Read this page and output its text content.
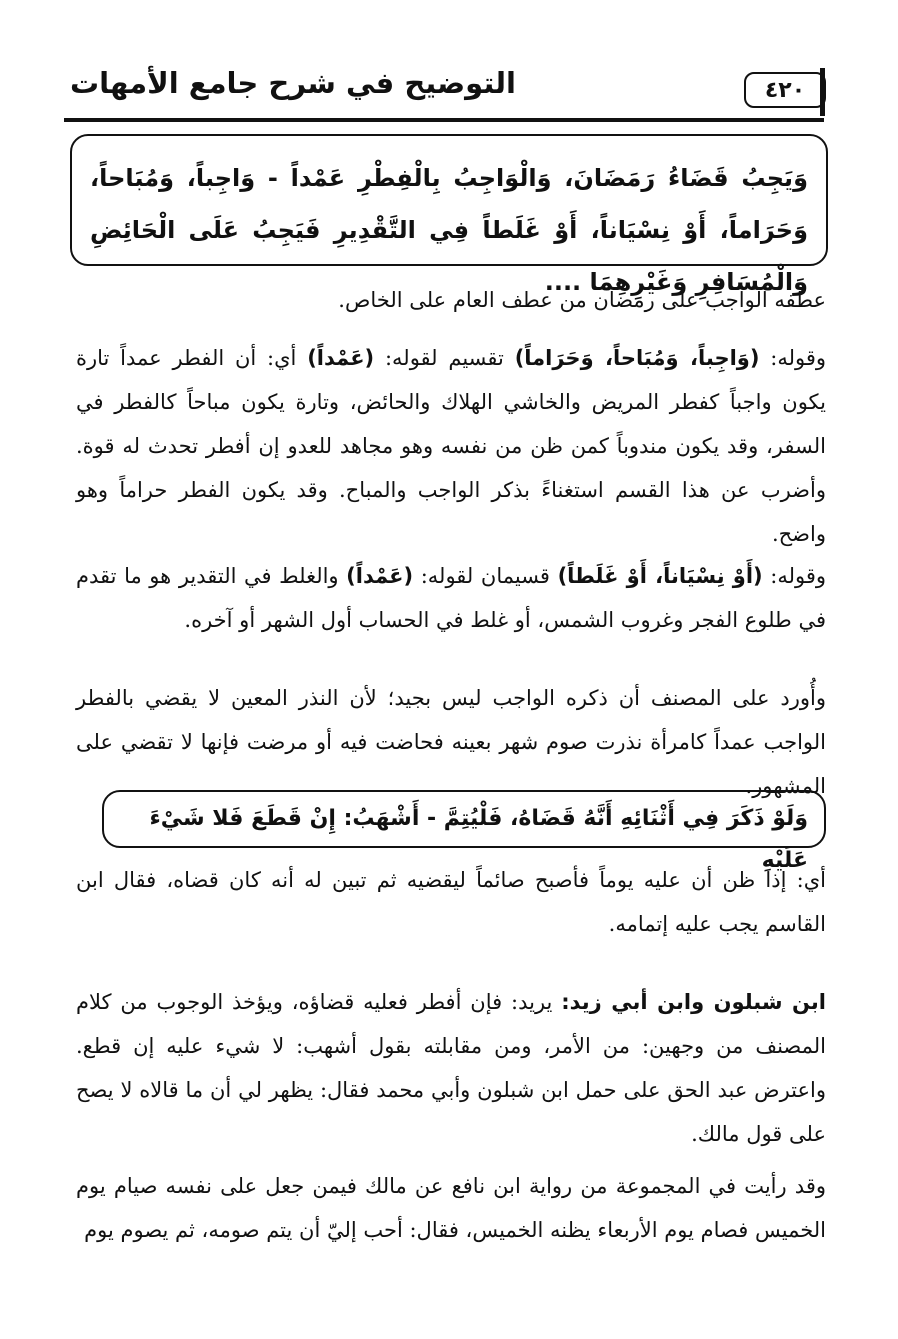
٤٢٠
التوضيح في شرح جامع الأمهات
وَيَجِبُ قَضَاءُ رَمَضَانَ، وَالْوَاجِبُ بِالْفِطْرِ عَمْداً - وَاجِباً، وَمُبَاحاً، وَحَرَاماً، أَوْ نِسْيَاناً، أَوْ غَلَطاً فِي التَّقْدِيرِ فَيَجِبُ عَلَى الْحَائِضِ وَالْمُسَافِرِ وَغَيْرِهِمَا ....

عطفه الواجب على رمضان من عطف العام على الخاص.

وقوله: (وَاجِباً، وَمُبَاحاً، وَحَرَاماً) تقسيم لقوله: (عَمْداً) أي: أن الفطر عمداً تارة يكون واجباً كفطر المريض والخاشي الهلاك والحائض، وتارة يكون مباحاً كالفطر في السفر، وقد يكون مندوباً كمن ظن من نفسه وهو مجاهد للعدو إن أفطر تحدث له قوة. وأضرب عن هذا القسم استغناءً بذكر الواجب والمباح. وقد يكون الفطر حراماً وهو واضح.

وقوله: (أَوْ نِسْيَاناً، أَوْ غَلَطاً) قسيمان لقوله: (عَمْداً) والغلط في التقدير هو ما تقدم في طلوع الفجر وغروب الشمس، أو غلط في الحساب أول الشهر أو آخره.

وأُورد على المصنف أن ذكره الواجب ليس بجيد؛ لأن النذر المعين لا يقضي بالفطر الواجب عمداً كامرأة نذرت صوم شهر بعينه فحاضت فيه أو مرضت فإنها لا تقضي على المشهور.

وَلَوْ ذَكَرَ فِي أَثْنَائِهِ أَنَّهُ قَضَاهُ، فَلْيُتِمَّ - أَشْهَبُ: إِنْ قَطَعَ فَلا شَيْءَ عَلَيْهِ

أي: إذا ظن أن عليه يوماً فأصبح صائماً ليقضيه ثم تبين له أنه كان قضاه، فقال ابن القاسم يجب عليه إتمامه.

ابن شبلون وابن أبي زيد: يريد: فإن أفطر فعليه قضاؤه، ويؤخذ الوجوب من كلام المصنف من وجهين: من الأمر، ومن مقابلته بقول أشهب: لا شيء عليه إن قطع. واعترض عبد الحق على حمل ابن شبلون وأبي محمد فقال: يظهر لي أن ما قالاه لا يصح على قول مالك.

وقد رأيت في المجموعة من رواية ابن نافع عن مالك فيمن جعل على نفسه صيام يوم الخميس فصام يوم الأربعاء يظنه الخميس، فقال: أحب إليّ أن يتم صومه، ثم يصوم يوم
